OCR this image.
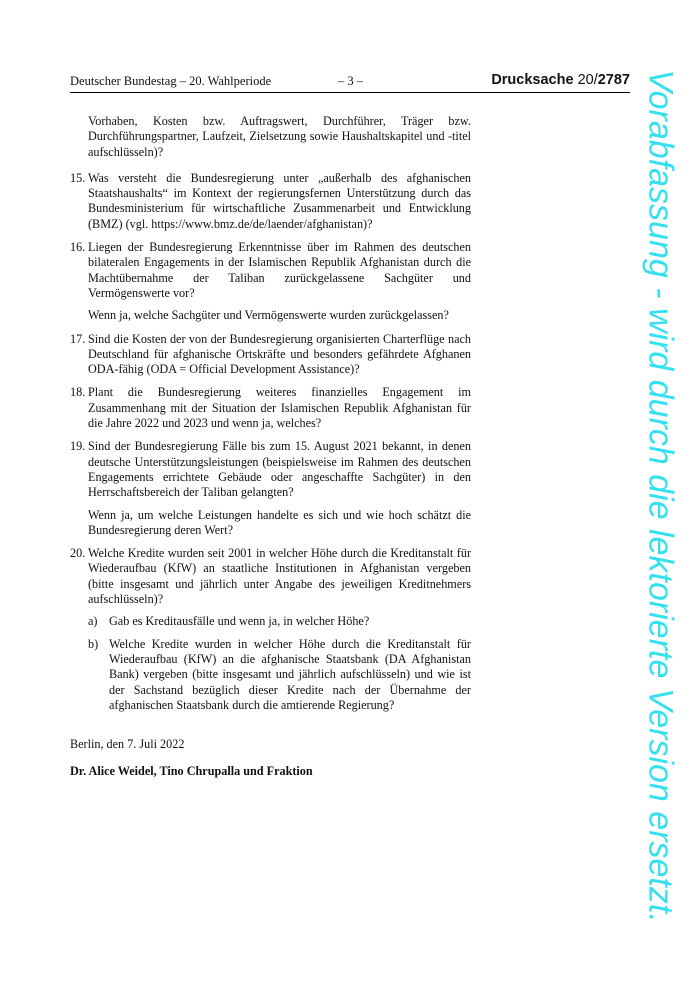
Deutscher Bundestag – 20. Wahlperiode	– 3 –	Drucksache 20/2787
Vorhaben, Kosten bzw. Auftragswert, Durchführer, Träger bzw. Durchführungspartner, Laufzeit, Zielsetzung sowie Haushaltskapitel und -titel aufschlüsseln)?
15. Was versteht die Bundesregierung unter „außerhalb des afghanischen Staatshaushalts“ im Kontext der regierungsfernen Unterstützung durch das Bundesministerium für wirtschaftliche Zusammenarbeit und Entwicklung (BMZ) (vgl. https://www.bmz.de/de/laender/afghanistan)?
16. Liegen der Bundesregierung Erkenntnisse über im Rahmen des deutschen bilateralen Engagements in der Islamischen Republik Afghanistan durch die Machtübernahme der Taliban zurückgelassene Sachgüter und Vermögenswerte vor?
Wenn ja, welche Sachgüter und Vermögenswerte wurden zurückgelassen?
17. Sind die Kosten der von der Bundesregierung organisierten Charterflüge nach Deutschland für afghanische Ortskräfte und besonders gefährdete Afghanen ODA-fähig (ODA = Official Development Assistance)?
18. Plant die Bundesregierung weiteres finanzielles Engagement im Zusammenhang mit der Situation der Islamischen Republik Afghanistan für die Jahre 2022 und 2023 und wenn ja, welches?
19. Sind der Bundesregierung Fälle bis zum 15. August 2021 bekannt, in denen deutsche Unterstützungsleistungen (beispielsweise im Rahmen des deutschen Engagements errichtete Gebäude oder angeschaffte Sachgüter) in den Herrschaftsbereich der Taliban gelangten?
Wenn ja, um welche Leistungen handelte es sich und wie hoch schätzt die Bundesregierung deren Wert?
20. Welche Kredite wurden seit 2001 in welcher Höhe durch die Kreditanstalt für Wiederaufbau (KfW) an staatliche Institutionen in Afghanistan vergeben (bitte insgesamt und jährlich unter Angabe des jeweiligen Kreditnehmers aufschlüsseln)?
a) Gab es Kreditausfälle und wenn ja, in welcher Höhe?
b) Welche Kredite wurden in welcher Höhe durch die Kreditanstalt für Wiederaufbau (KfW) an die afghanische Staatsbank (DA Afghanistan Bank) vergeben (bitte insgesamt und jährlich aufschlüsseln) und wie ist der Sachstand bezüglich dieser Kredite nach der Übernahme der afghanischen Staatsbank durch die amtierende Regierung?
Berlin, den 7. Juli 2022
Dr. Alice Weidel, Tino Chrupalla und Fraktion	Vorabfassung - wird durch die lektorierte Version ersetzt.
